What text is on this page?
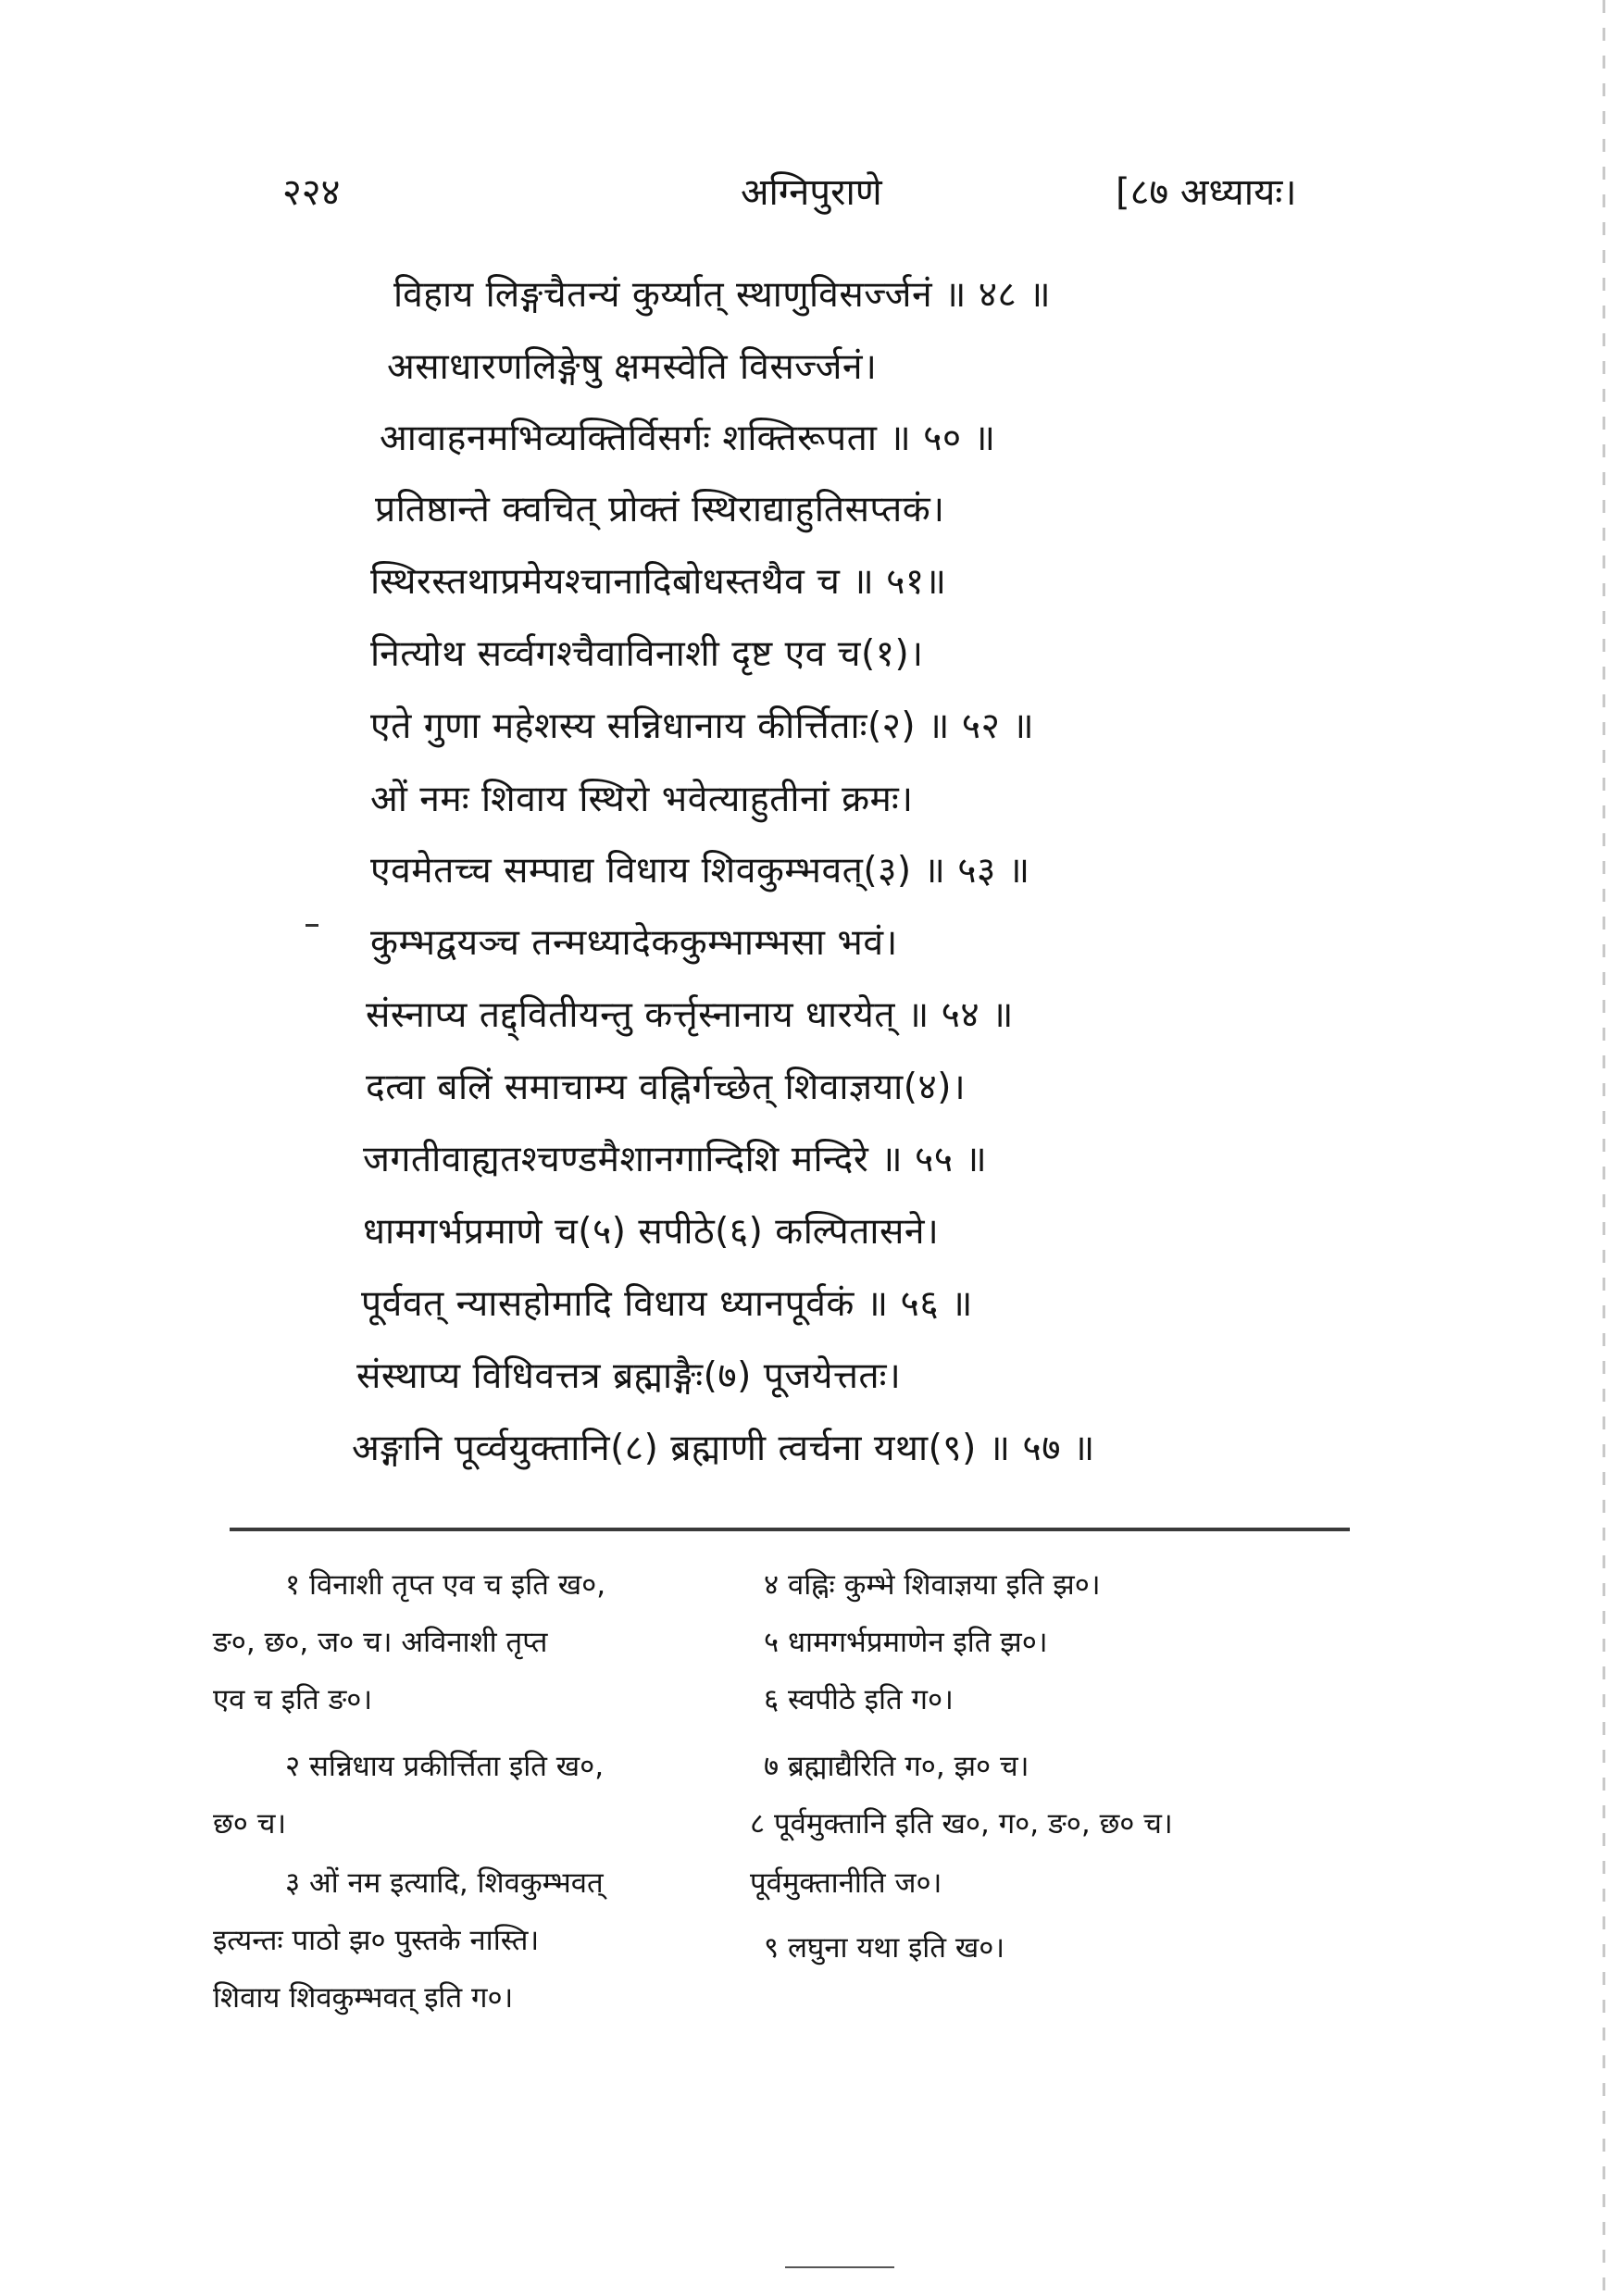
२२४	अग्निपुराणे	[८७ अध्यायः।
विहाय लिङ्गचैतन्यं कुर्य्यात् स्थाणुविसर्ज्जनं ॥ ४८ ॥
असाधारणलिङ्गेषु क्षमस्वेति विसर्ज्जनं।
आवाहनमभिव्यक्तिर्विसर्गः शक्तिरूपता ॥ ५० ॥
प्रतिष्ठान्ते क्वचित् प्रोक्तं स्थिराद्याहुतिसप्तकं।
स्थिरस्तथाप्रमेयश्चानादिबोधस्तथैव च ॥ ५१॥
नित्योथ सर्व्वगश्चैवाविनाशी दृष्ट एव च(१)।
एते गुणा महेशस्य सन्निधानाय कीर्त्तिताः(२) ॥ ५२ ॥
ओं नमः शिवाय स्थिरो भवेत्याहुतीनां क्रमः।
एवमेतच्च सम्पाद्य विधाय शिवकुम्भवत्(३) ॥ ५३ ॥
कुम्भद्वयञ्च तन्मध्यादेककुम्भाम्भसा भवं।
संस्नाप्य तद्द्वितीयन्तु कर्त्तृस्नानाय धारयेत् ॥ ५४ ॥
दत्वा बलिं समाचाम्य वह्निर्गच्छेत् शिवाज्ञया(४)।
जगतीवाह्यतश्चण्डमैशानगान्दिशि मन्दिरे ॥ ५५ ॥
धामगर्भप्रमाणे च(५) सपीठे(६) कल्पितासने।
पूर्ववत् न्यासहोमादि विधाय ध्यानपूर्वकं ॥ ५६ ॥
संस्थाप्य विधिवत्तत्र ब्रह्माङ्गैः(७) पूजयेत्ततः।
अङ्गानि पूर्व्वयुक्तानि(८) ब्रह्माणी त्वर्चना यथा(९) ॥ ५७ ॥
१ विनाशी तृप्त एव च इति ख०,
ङ०, छ०, ज० च। अविनाशी तृप्त
एव च इति ङ०।
२ सन्निधाय प्रकीर्त्तिता इति ख०,
छ० च।
३ ओं नम इत्यादि, शिवकुम्भवत्
इत्यन्तः पाठो झ० पुस्तके नास्ति।
शिवाय शिवकुम्भवत् इति ग०।
४ वह्निः कुम्भे शिवाज्ञया इति झ०।
५ धामगर्भप्रमाणेन इति झ०।
६ स्वपीठे इति ग०।
७ ब्रह्माद्यैरिति ग०, झ० च।
८ पूर्वमुक्तानि इति ख०, ग०, ङ०, छ० च।
पूर्वमुक्तानीति ज०।
९ लघुना यथा इति ख०।
